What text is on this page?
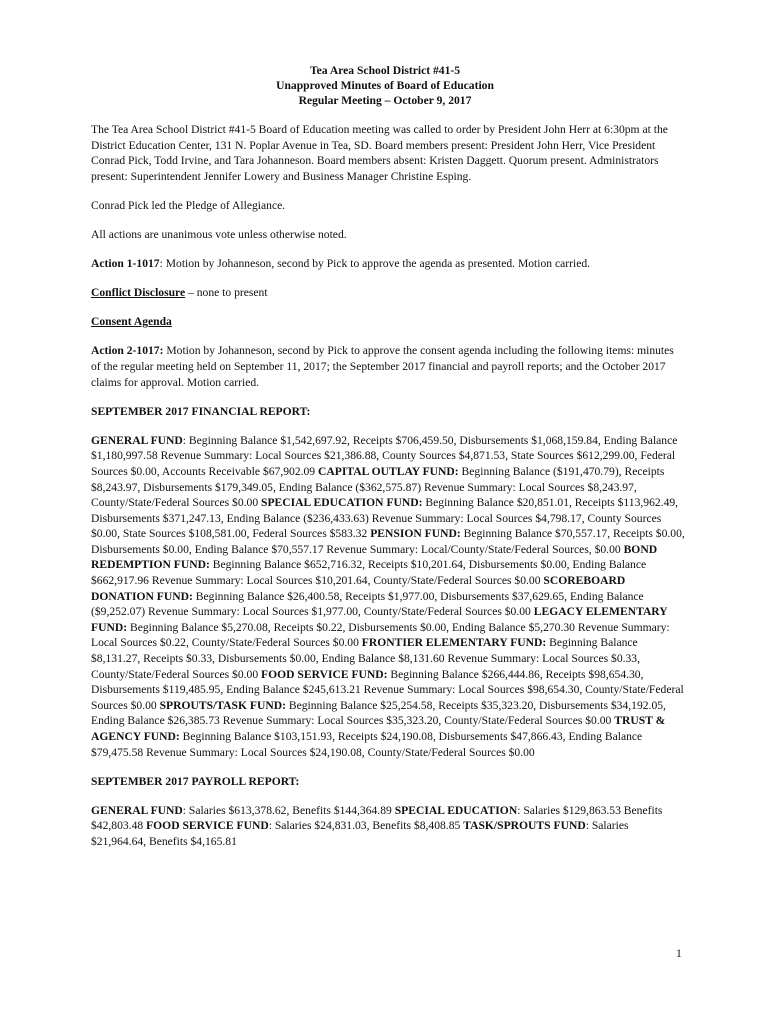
Tea Area School District #41-5
Unapproved Minutes of Board of Education
Regular Meeting – October 9, 2017

The Tea Area School District #41-5 Board of Education meeting was called to order by President John Herr at 6:30pm at the District Education Center, 131 N. Poplar Avenue in Tea, SD. Board members present: President John Herr, Vice President Conrad Pick, Todd Irvine, and Tara Johanneson. Board members absent: Kristen Daggett. Quorum present. Administrators present: Superintendent Jennifer Lowery and Business Manager Christine Esping.

Conrad Pick led the Pledge of Allegiance.

All actions are unanimous vote unless otherwise noted.

Action 1-1017: Motion by Johanneson, second by Pick to approve the agenda as presented. Motion carried.

Conflict Disclosure – none to present

Consent Agenda

Action 2-1017: Motion by Johanneson, second by Pick to approve the consent agenda including the following items: minutes of the regular meeting held on September 11, 2017; the September 2017 financial and payroll reports; and the October 2017 claims for approval. Motion carried.

SEPTEMBER 2017 FINANCIAL REPORT:

GENERAL FUND: Beginning Balance $1,542,697.92, Receipts $706,459.50, Disbursements $1,068,159.84, Ending Balance $1,180,997.58 Revenue Summary: Local Sources $21,386.88, County Sources $4,871.53, State Sources $612,299.00, Federal Sources $0.00, Accounts Receivable $67,902.09 CAPITAL OUTLAY FUND: Beginning Balance ($191,470.79), Receipts $8,243.97, Disbursements $179,349.05, Ending Balance ($362,575.87) Revenue Summary: Local Sources $8,243.97, County/State/Federal Sources $0.00 SPECIAL EDUCATION FUND: Beginning Balance $20,851.01, Receipts $113,962.49, Disbursements $371,247.13, Ending Balance ($236,433.63) Revenue Summary: Local Sources $4,798.17, County Sources $0.00, State Sources $108,581.00, Federal Sources $583.32 PENSION FUND: Beginning Balance $70,557.17, Receipts $0.00, Disbursements $0.00, Ending Balance $70,557.17 Revenue Summary: Local/County/State/Federal Sources, $0.00 BOND REDEMPTION FUND: Beginning Balance $652,716.32, Receipts $10,201.64, Disbursements $0.00, Ending Balance $662,917.96 Revenue Summary: Local Sources $10,201.64, County/State/Federal Sources $0.00 SCOREBOARD DONATION FUND: Beginning Balance $26,400.58, Receipts $1,977.00, Disbursements $37,629.65, Ending Balance ($9,252.07) Revenue Summary: Local Sources $1,977.00, County/State/Federal Sources $0.00 LEGACY ELEMENTARY FUND: Beginning Balance $5,270.08, Receipts $0.22, Disbursements $0.00, Ending Balance $5,270.30 Revenue Summary: Local Sources $0.22, County/State/Federal Sources $0.00 FRONTIER ELEMENTARY FUND: Beginning Balance $8,131.27, Receipts $0.33, Disbursements $0.00, Ending Balance $8,131.60 Revenue Summary: Local Sources $0.33, County/State/Federal Sources $0.00 FOOD SERVICE FUND: Beginning Balance $266,444.86, Receipts $98,654.30, Disbursements $119,485.95, Ending Balance $245,613.21 Revenue Summary: Local Sources $98,654.30, County/State/Federal Sources $0.00 SPROUTS/TASK FUND: Beginning Balance $25,254.58, Receipts $35,323.20, Disbursements $34,192.05, Ending Balance $26,385.73 Revenue Summary: Local Sources $35,323.20, County/State/Federal Sources $0.00 TRUST & AGENCY FUND: Beginning Balance $103,151.93, Receipts $24,190.08, Disbursements $47,866.43, Ending Balance $79,475.58 Revenue Summary: Local Sources $24,190.08, County/State/Federal Sources $0.00

SEPTEMBER 2017 PAYROLL REPORT:

GENERAL FUND: Salaries $613,378.62, Benefits $144,364.89 SPECIAL EDUCATION: Salaries $129,863.53 Benefits $42,803.48 FOOD SERVICE FUND: Salaries $24,831.03, Benefits $8,408.85 TASK/SPROUTS FUND: Salaries $21,964.64, Benefits $4,165.81

1
